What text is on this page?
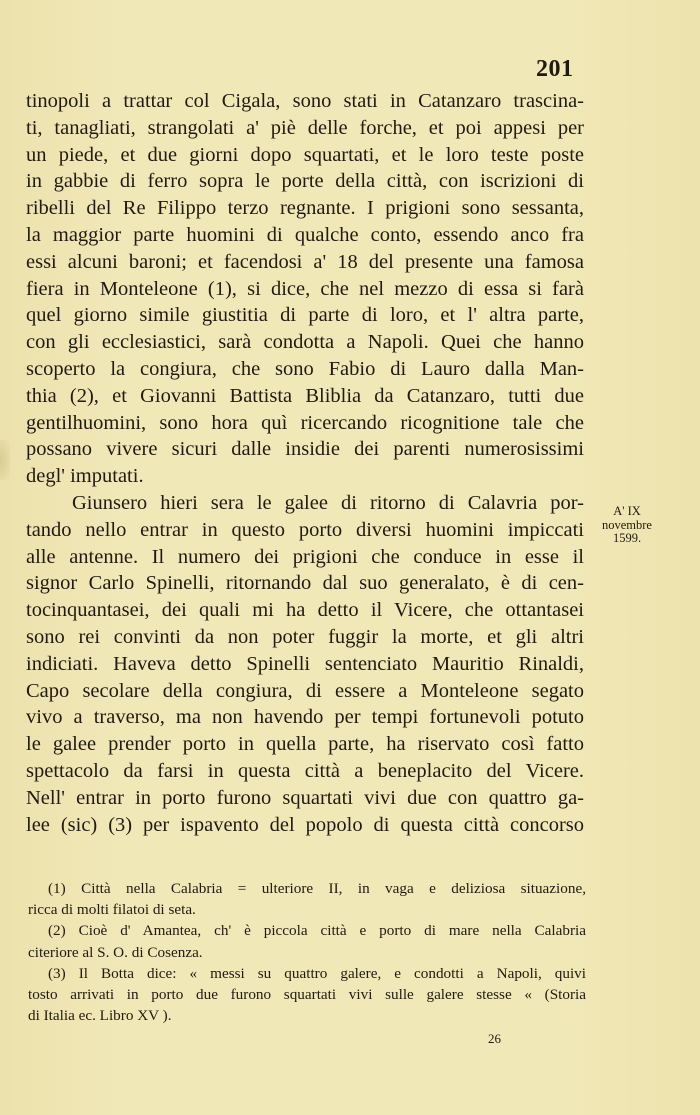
201
tinopoli a trattar col Cigala, sono stati in Catanzaro trascina-
ti, tanagliati, strangolati a' piè delle forche, et poi appesi per
un piede, et due giorni dopo squartati, et le loro teste poste
in gabbie di ferro sopra le porte della città, con iscrizioni di
ribelli del Re Filippo terzo regnante. I prigioni sono sessanta,
la maggior parte huomini di qualche conto, essendo anco fra
essi alcuni baroni; et facendosi a' 18 del presente una famosa
fiera in Monteleone (1), si dice, che nel mezzo di essa si farà
quel giorno simile giustitia di parte di loro, et l' altra parte,
con gli ecclesiastici, sarà condotta a Napoli. Quei che hanno
scoperto la congiura, che sono Fabio di Lauro dalla Man-
thia (2), et Giovanni Battista Bliblia da Catanzaro, tutti due
gentilhuomini, sono hora quì ricercando ricognitione tale che
possano vivere sicuri dalle insidie dei parenti numerosissimi
degl' imputati.
Giunsero hieri sera le galee di ritorno di Calavria por-
tando nello entrar in questo porto diversi huomini impiccati
alle antenne. Il numero dei prigioni che conduce in esse il
signor Carlo Spinelli, ritornando dal suo generalato, è di cen-
tocinquantasei, dei quali mi ha detto il Vicere, che ottantasei
sono rei convinti da non poter fuggir la morte, et gli altri
indiciati. Haveva detto Spinelli sentenciato Mauritio Rinaldi,
Capo secolare della congiura, di essere a Monteleone segato
vivo a traverso, ma non havendo per tempi fortunevoli potuto
le galee prender porto in quella parte, ha riservato così fatto
spettacolo da farsi in questa città a beneplacito del Vicere.
Nell' entrar in porto furono squartati vivi due con quattro ga-
lee (sic) (3) per ispavento del popolo di questa città concorso
A' IX
novembre
1599.
(1) Città nella Calabria = ulteriore II, in vaga e deliziosa situazione,
ricca di molti filatoi di seta.
(2) Cioè d' Amantea, ch' è piccola città e porto di mare nella Calabria
citeriore al S. O. di Cosenza.
(3) Il Botta dice: « messi su quattro galere, e condotti a Napoli, quivi
tosto arrivati in porto due furono squartati vivi sulle galere stesse « (Storia
di Italia ec. Libro XV ).
26
